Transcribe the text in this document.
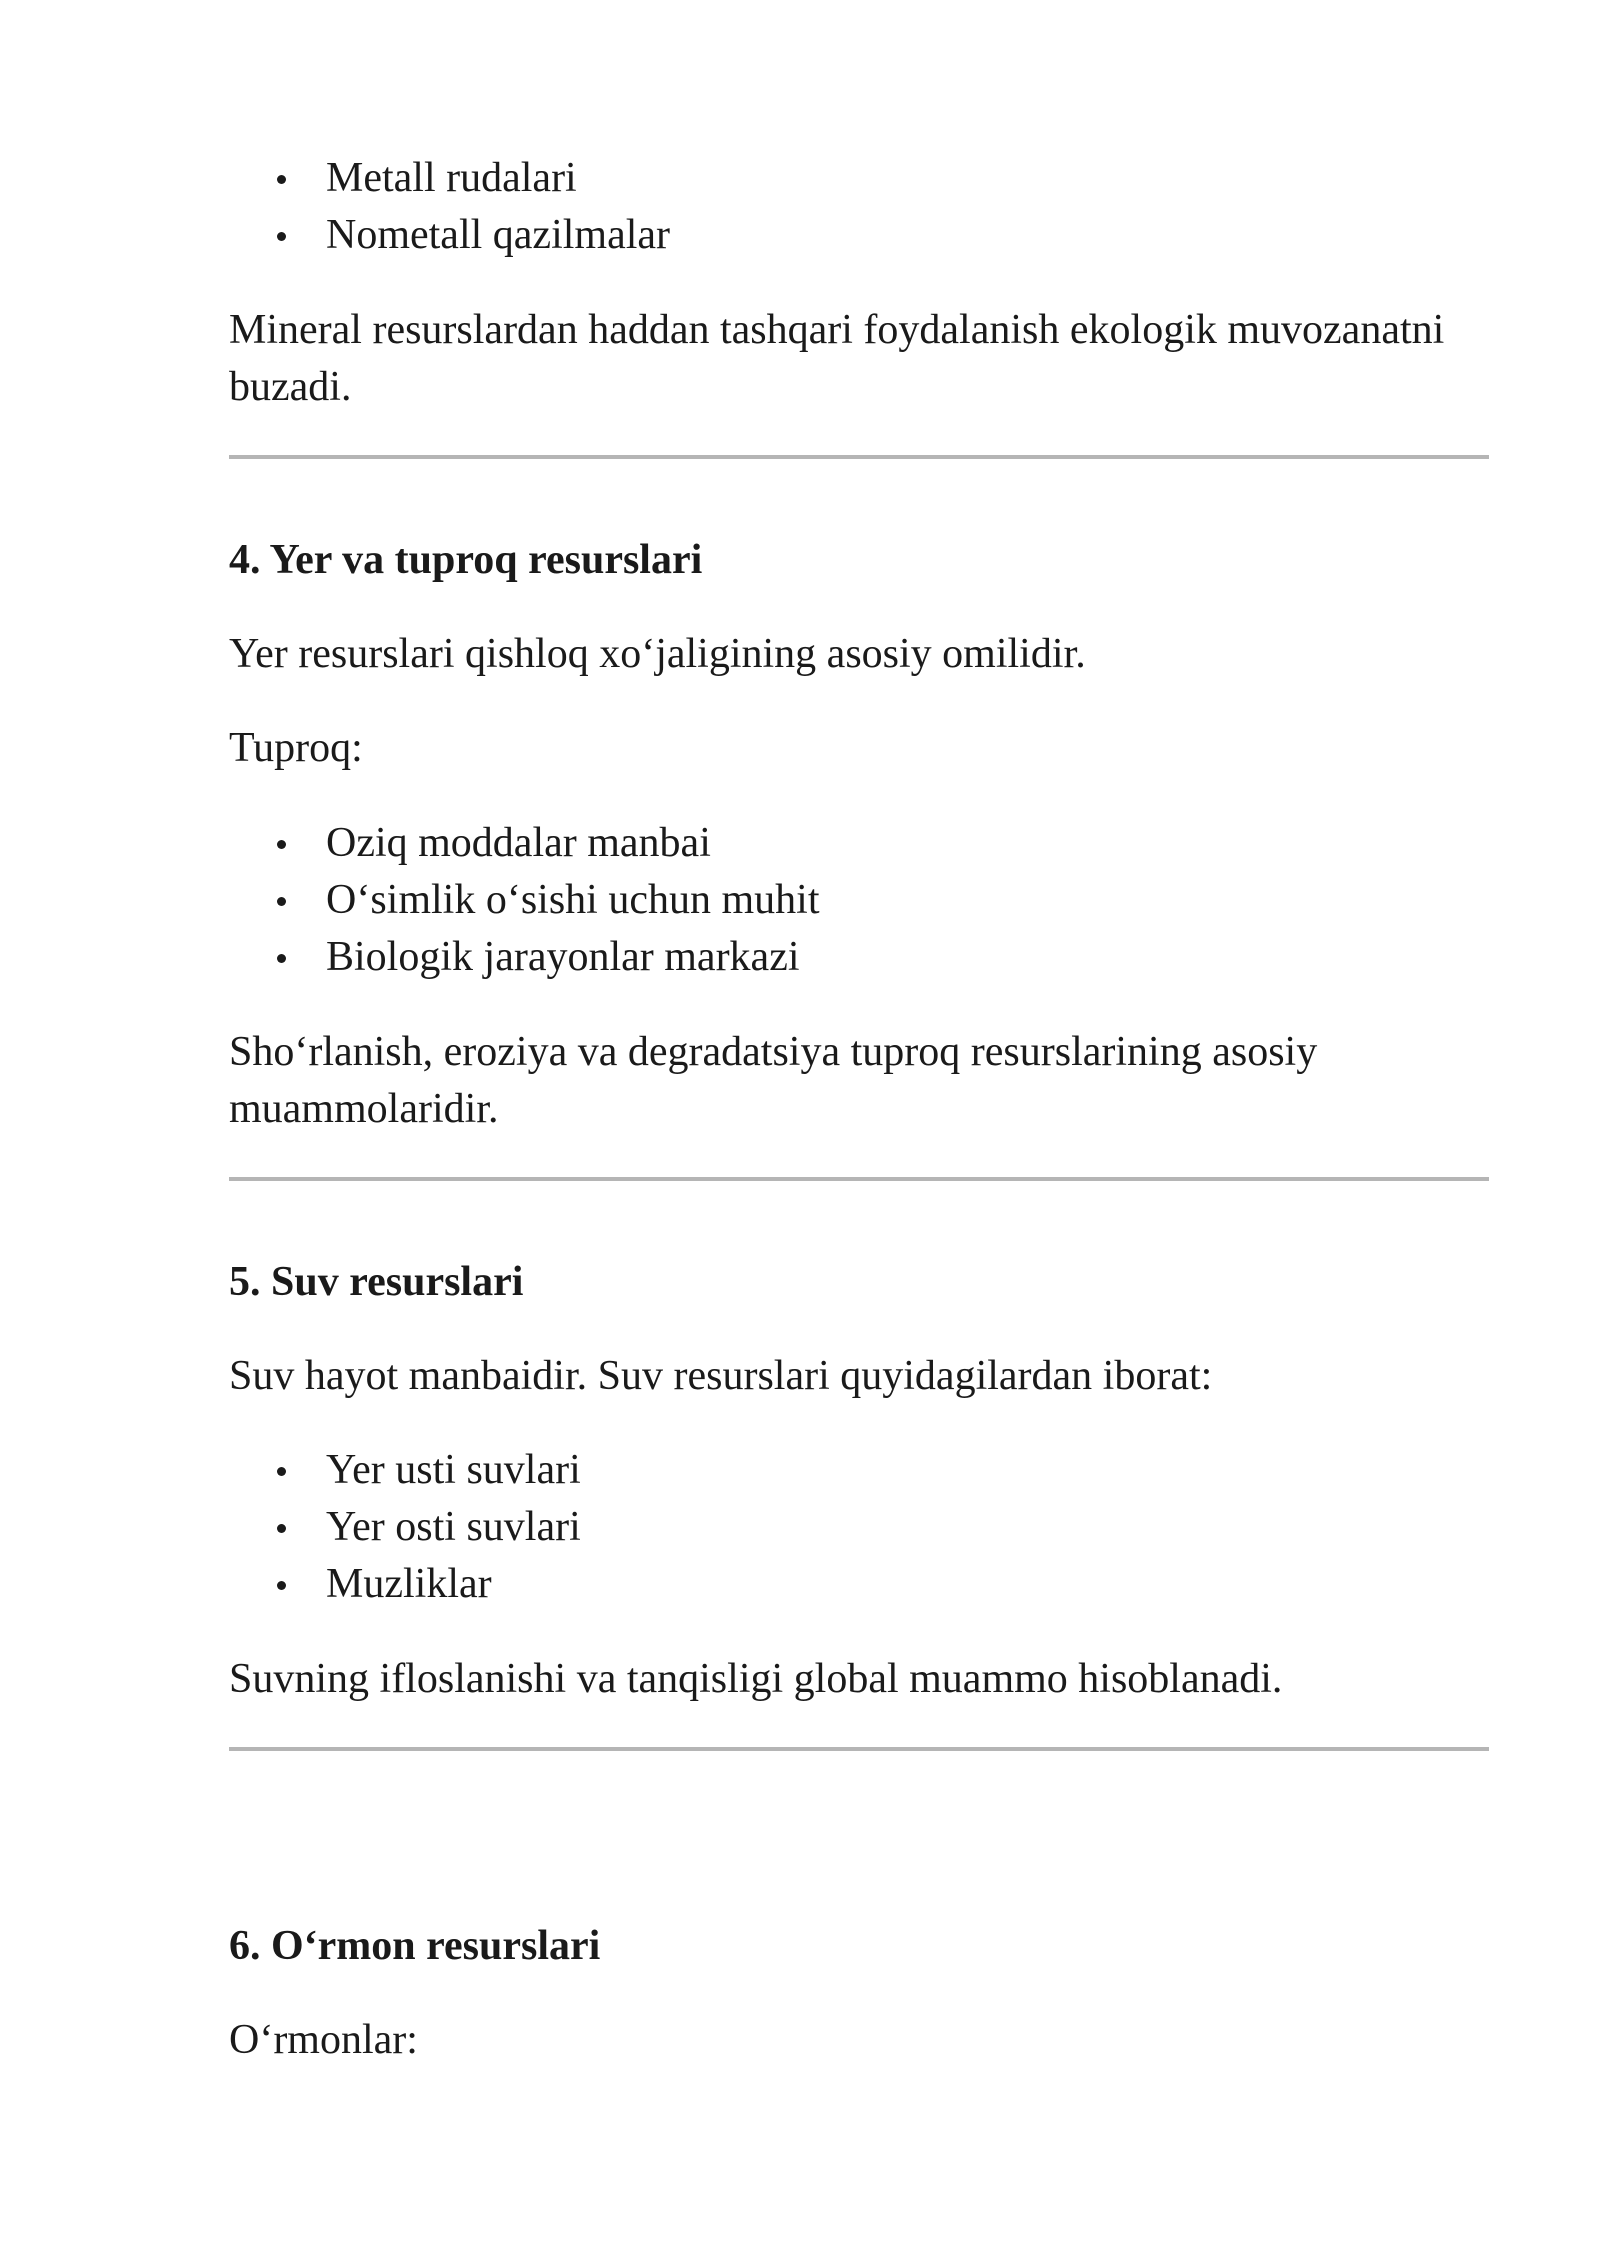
Metall rudalari
Nometall qazilmalar

Mineral resurslardan haddan tashqari foydalanish ekologik muvozanatni buzadi.

4. Yer va tuproq resurslari

Yer resurslari qishloq xo‘jaligining asosiy omilidir.

Tuproq:

Oziq moddalar manbai
O‘simlik o‘sishi uchun muhit
Biologik jarayonlar markazi

Sho‘rlanish, eroziya va degradatsiya tuproq resurslarining asosiy muammolaridir.

5. Suv resurslari

Suv hayot manbaidir. Suv resurslari quyidagilardan iborat:

Yer usti suvlari
Yer osti suvlari
Muzliklar

Suvning ifloslanishi va tanqisligi global muammo hisoblanadi.

6. O‘rmon resurslari

O‘rmonlar:
